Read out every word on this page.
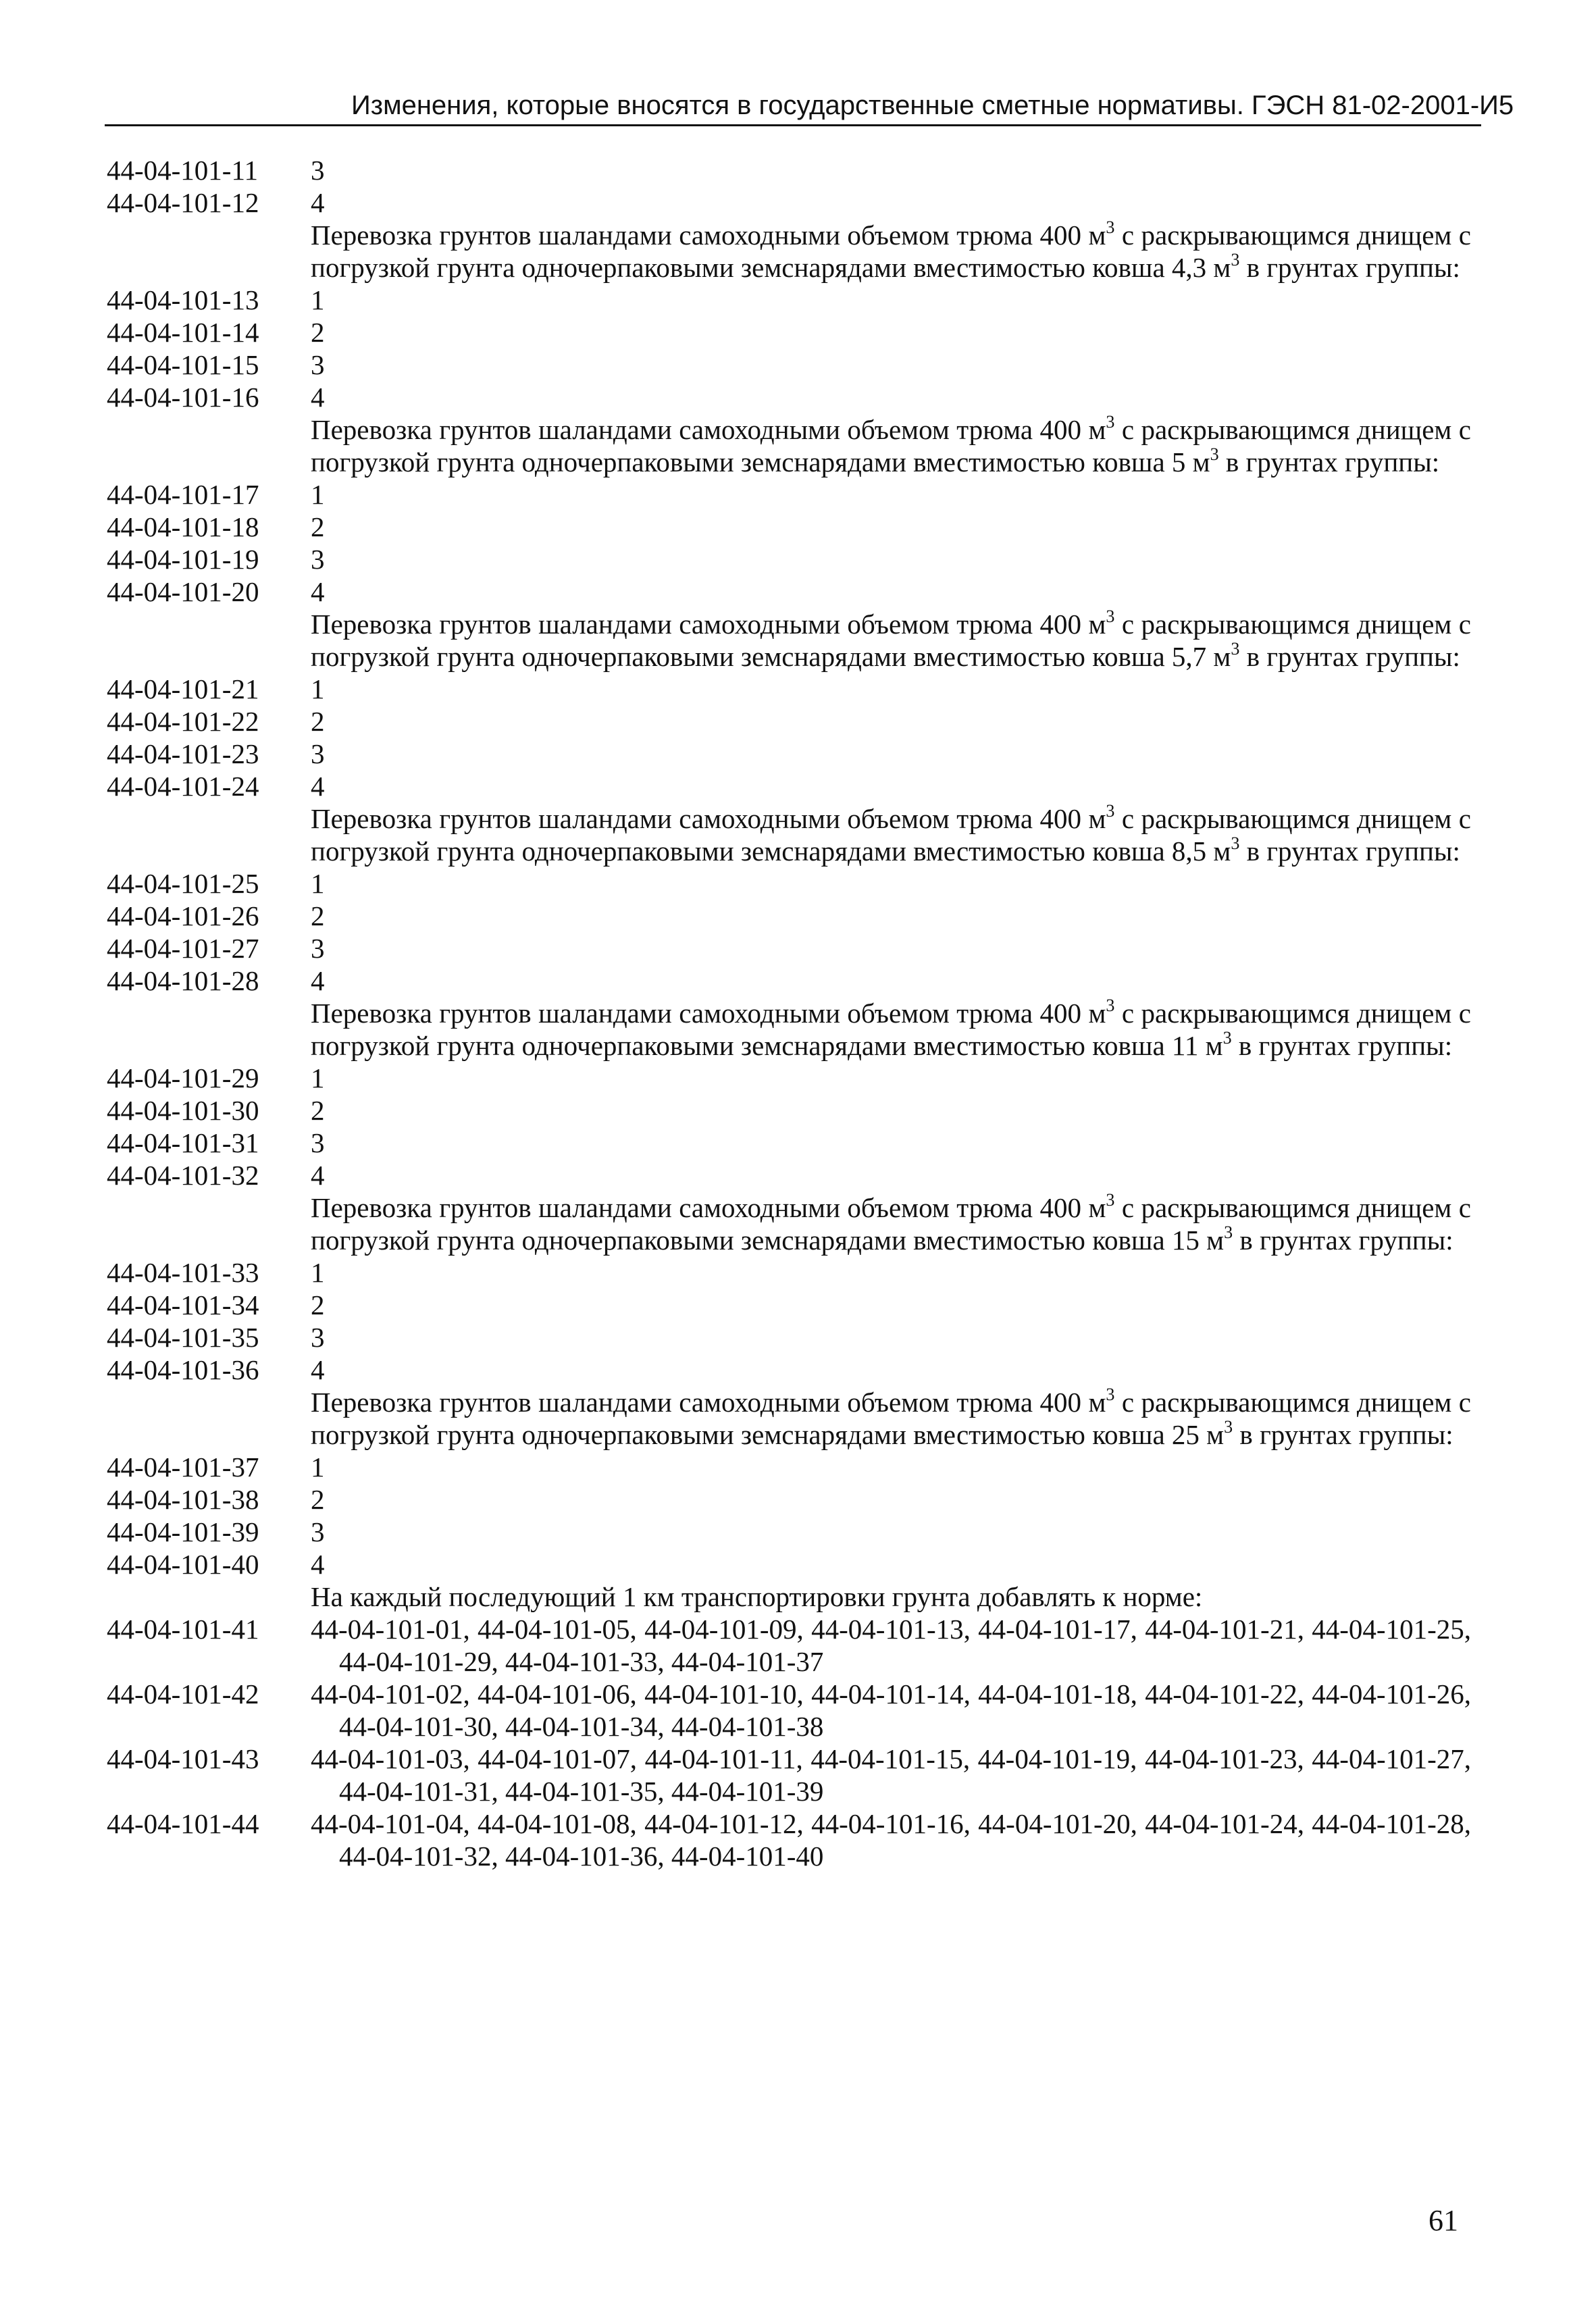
Изменения, которые вносятся в государственные сметные нормативы. ГЭСН 81-02-2001-И5
44-04-101-11	3
44-04-101-12	4
Перевозка грунтов шаландами самоходными объемом трюма 400 $м^3$ с раскрывающимся днищем с погрузкой грунта одночерпаковыми земснарядами вместимостью ковша 4,3 $м^3$ в грунтах группы:
44-04-101-13	1
44-04-101-14	2
44-04-101-15	3
44-04-101-16	4
Перевозка грунтов шаландами самоходными объемом трюма 400 $м^3$ с раскрывающимся днищем с погрузкой грунта одночерпаковыми земснарядами вместимостью ковша 5 $м^3$ в грунтах группы:
44-04-101-17	1
44-04-101-18	2
44-04-101-19	3
44-04-101-20	4
Перевозка грунтов шаландами самоходными объемом трюма 400 $м^3$ с раскрывающимся днищем с погрузкой грунта одночерпаковыми земснарядами вместимостью ковша 5,7 $м^3$ в грунтах группы:
44-04-101-21	1
44-04-101-22	2
44-04-101-23	3
44-04-101-24	4
Перевозка грунтов шаландами самоходными объемом трюма 400 $м^3$ с раскрывающимся днищем с погрузкой грунта одночерпаковыми земснарядами вместимостью ковша 8,5 $м^3$ в грунтах группы:
44-04-101-25	1
44-04-101-26	2
44-04-101-27	3
44-04-101-28	4
Перевозка грунтов шаландами самоходными объемом трюма 400 $м^3$ с раскрывающимся днищем с погрузкой грунта одночерпаковыми земснарядами вместимостью ковша 11 $м^3$ в грунтах группы:
44-04-101-29	1
44-04-101-30	2
44-04-101-31	3
44-04-101-32	4
Перевозка грунтов шаландами самоходными объемом трюма 400 $м^3$ с раскрывающимся днищем с погрузкой грунта одночерпаковыми земснарядами вместимостью ковша 15 $м^3$ в грунтах группы:
44-04-101-33	1
44-04-101-34	2
44-04-101-35	3
44-04-101-36	4
Перевозка грунтов шаландами самоходными объемом трюма 400 $м^3$ с раскрывающимся днищем с погрузкой грунта одночерпаковыми земснарядами вместимостью ковша 25 $м^3$ в грунтах группы:
44-04-101-37	1
44-04-101-38	2
44-04-101-39	3
44-04-101-40	4
На каждый последующий 1 км транспортировки грунта добавлять к норме:
44-04-101-41	44-04-101-01, 44-04-101-05, 44-04-101-09, 44-04-101-13, 44-04-101-17, 44-04-101-21, 44-04-101-25, 44-04-101-29, 44-04-101-33, 44-04-101-37
44-04-101-42	44-04-101-02, 44-04-101-06, 44-04-101-10, 44-04-101-14, 44-04-101-18, 44-04-101-22, 44-04-101-26, 44-04-101-30, 44-04-101-34, 44-04-101-38
44-04-101-43	44-04-101-03, 44-04-101-07, 44-04-101-11, 44-04-101-15, 44-04-101-19, 44-04-101-23, 44-04-101-27, 44-04-101-31, 44-04-101-35, 44-04-101-39
44-04-101-44	44-04-101-04, 44-04-101-08, 44-04-101-12, 44-04-101-16, 44-04-101-20, 44-04-101-24, 44-04-101-28, 44-04-101-32, 44-04-101-36, 44-04-101-40
61
